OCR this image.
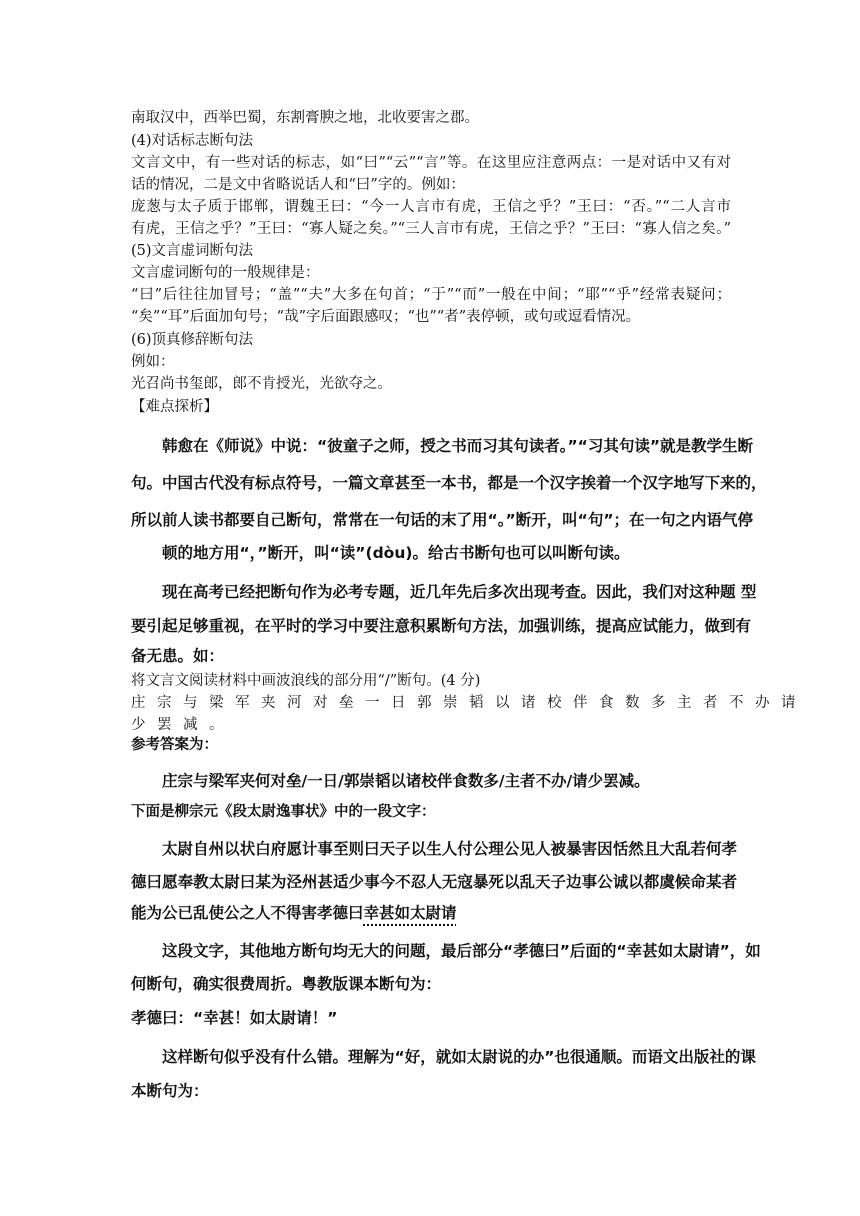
南取汉中，西举巴蜀，东割膏腴之地，北收要害之郡。
(4)对话标志断句法
文言文中，有一些对话的标志，如“曰”“云”“言”等。在这里应注意两点：一是对话中又有对
话的情况，二是文中省略说话人和“曰”字的。例如：
庞葱与太子质于邯郸，谓魏王曰：“今一人言市有虎，王信之乎？”王曰：“否。”“二人言市
有虎，王信之乎？”王曰：“寡人疑之矣。”“三人言市有虎，王信之乎？”王曰：“寡人信之矣。”
(5)文言虚词断句法
文言虚词断句的一般规律是：
“曰”后往往加冒号；“盖”“夫”大多在句首；“于”“而”一般在中间；“耶”“乎”经常表疑问；
“矣”“耳”后面加句号；“哉”字后面跟感叹；“也”“者”表停顿，或句或逗看情况。
(6)顶真修辞断句法
例如：
光召尚书玺郎，郎不肯授光，光欲夺之。
【难点探析】
韩愈在《师说》中说：“彼童子之师，授之书而习其句读者。”“习其句读”就是教学生断
句。中国古代没有标点符号，一篇文章甚至一本书，都是一个汉字挨着一个汉字地写下来的，
所以前人读书都要自己断句，常常在一句话的末了用“。”断开，叫“句”；在一句之内语气停
顿的地方用“，”断开，叫“读”(dòu)。给古书断句也可以叫断句读。
现在高考已经把断句作为必考专题，近几年先后多次出现考查。因此，我们对这种题 型
要引起足够重视，在平时的学习中要注意积累断句方法，加强训练，提高应试能力，做到有
备无患。如：
将文言文阅读材料中画波浪线的部分用“/”断句。(4 分)
庄宗与梁军夹河对垒一日郭崇韬以诸校伴食数多主者不办请
少罢减。
参考答案为：
庄宗与梁军夹何对垒/一日/郭崇韬以诸校伴食数多/主者不办/请少罢减。
下面是柳宗元《段太尉逸事状》中的一段文字：
太尉自州以状白府愿计事至则曰天子以生人付公理公见人被暴害因恬然且大乱若何孝
德曰愿奉教太尉曰某为泾州甚适少事今不忍人无寇暴死以乱天子边事公诚以都虞候命某者
能为公已乱使公之人不得害孝德曰幸甚如太尉请
这段文字，其他地方断句均无大的问题，最后部分“孝德曰”后面的“幸甚如太尉请”，如
何断句，确实很费周折。粤教版课本断句为：
孝德曰：“幸甚！如太尉请！”
这样断句似乎没有什么错。理解为“好，就如太尉说的办”也很通顺。而语文出版社的课
本断句为：
